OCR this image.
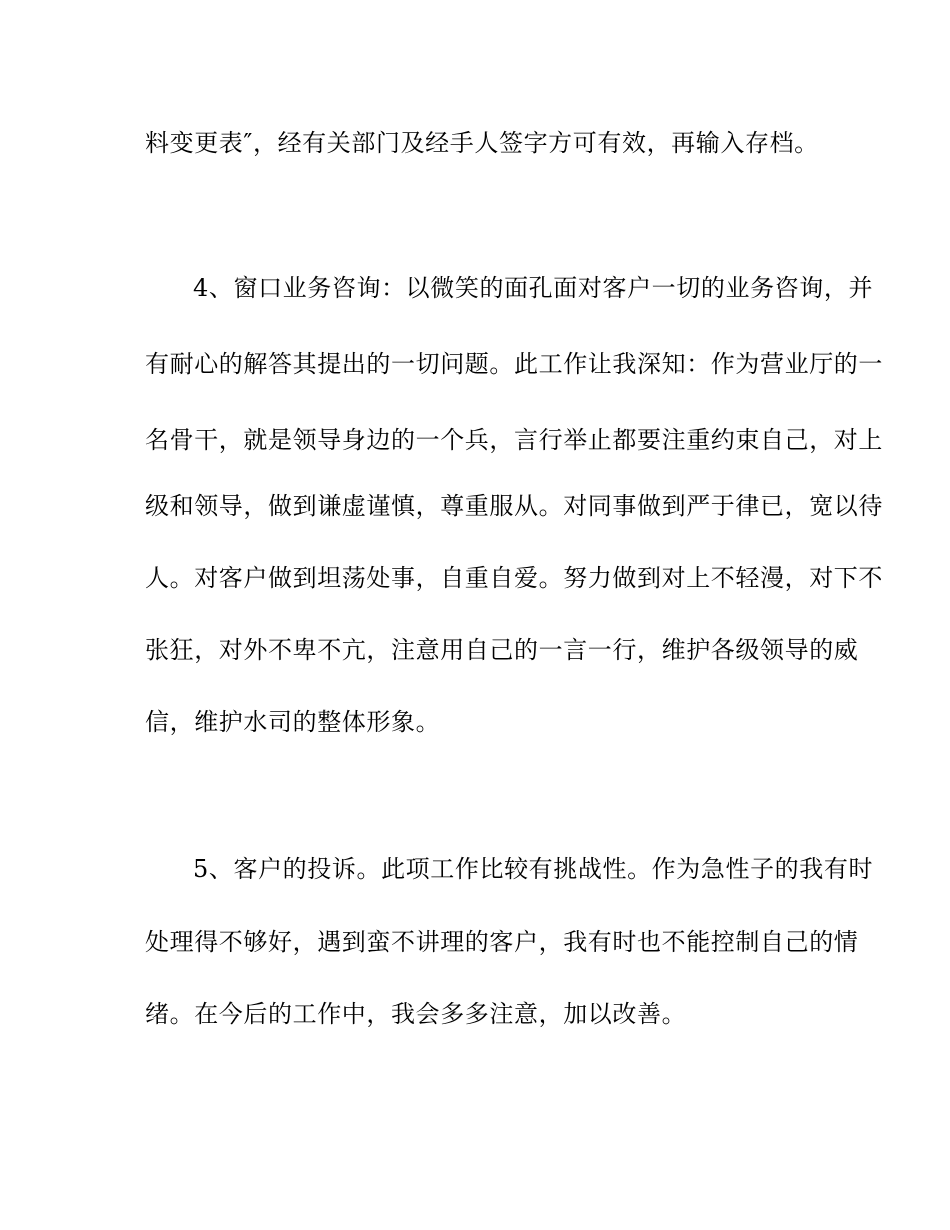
料变更表″，经有关部门及经手人签字方可有效，再输入存档。
4、窗口业务咨询：以微笑的面孔面对客户一切的业务咨询，并
有耐心的解答其提出的一切问题。此工作让我深知：作为营业厅的一
名骨干，就是领导身边的一个兵，言行举止都要注重约束自己，对上
级和领导，做到谦虚谨慎，尊重服从。对同事做到严于律已，宽以待
人。对客户做到坦荡处事，自重自爱。努力做到对上不轻漫，对下不
张狂，对外不卑不亢，注意用自己的一言一行，维护各级领导的威
信，维护水司的整体形象。
5、客户的投诉。此项工作比较有挑战性。作为急性子的我有时
处理得不够好，遇到蛮不讲理的客户，我有时也不能控制自己的情
绪。在今后的工作中，我会多多注意，加以改善。
